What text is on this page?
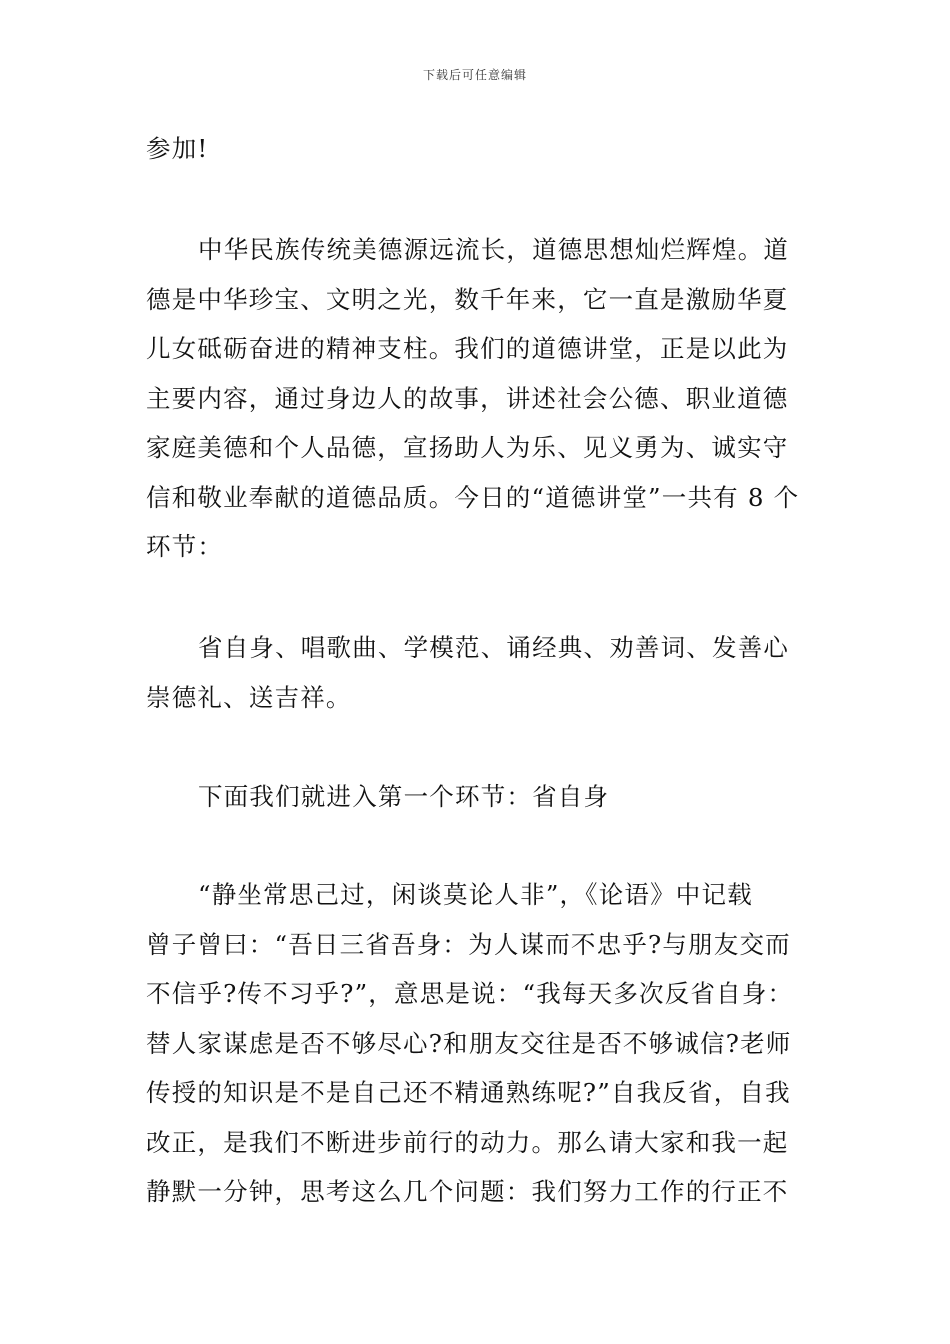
下载后可任意编辑

参加!

中华民族传统美德源远流长，道德思想灿烂辉煌。道
德是中华珍宝、文明之光，数千年来，它一直是激励华夏
儿女砥砺奋进的精神支柱。我们的道德讲堂，正是以此为
主要内容，通过身边人的故事，讲述社会公德、职业道德
家庭美德和个人品德，宣扬助人为乐、见义勇为、诚实守
信和敬业奉献的道德品质。今日的“道德讲堂”一共有 8 个
环节：

省自身、唱歌曲、学模范、诵经典、劝善词、发善心
崇德礼、送吉祥。

下面我们就进入第一个环节：省自身

“静坐常思己过，闲谈莫论人非”，《论语》中记载
曾子曾曰：“吾日三省吾身：为人谋而不忠乎?与朋友交而
不信乎?传不习乎?”，意思是说：“我每天多次反省自身：
替人家谋虑是否不够尽心?和朋友交往是否不够诚信?老师
传授的知识是不是自己还不精通熟练呢?”自我反省，自我
改正，是我们不断进步前行的动力。那么请大家和我一起
静默一分钟，思考这么几个问题：我们努力工作的行正不
